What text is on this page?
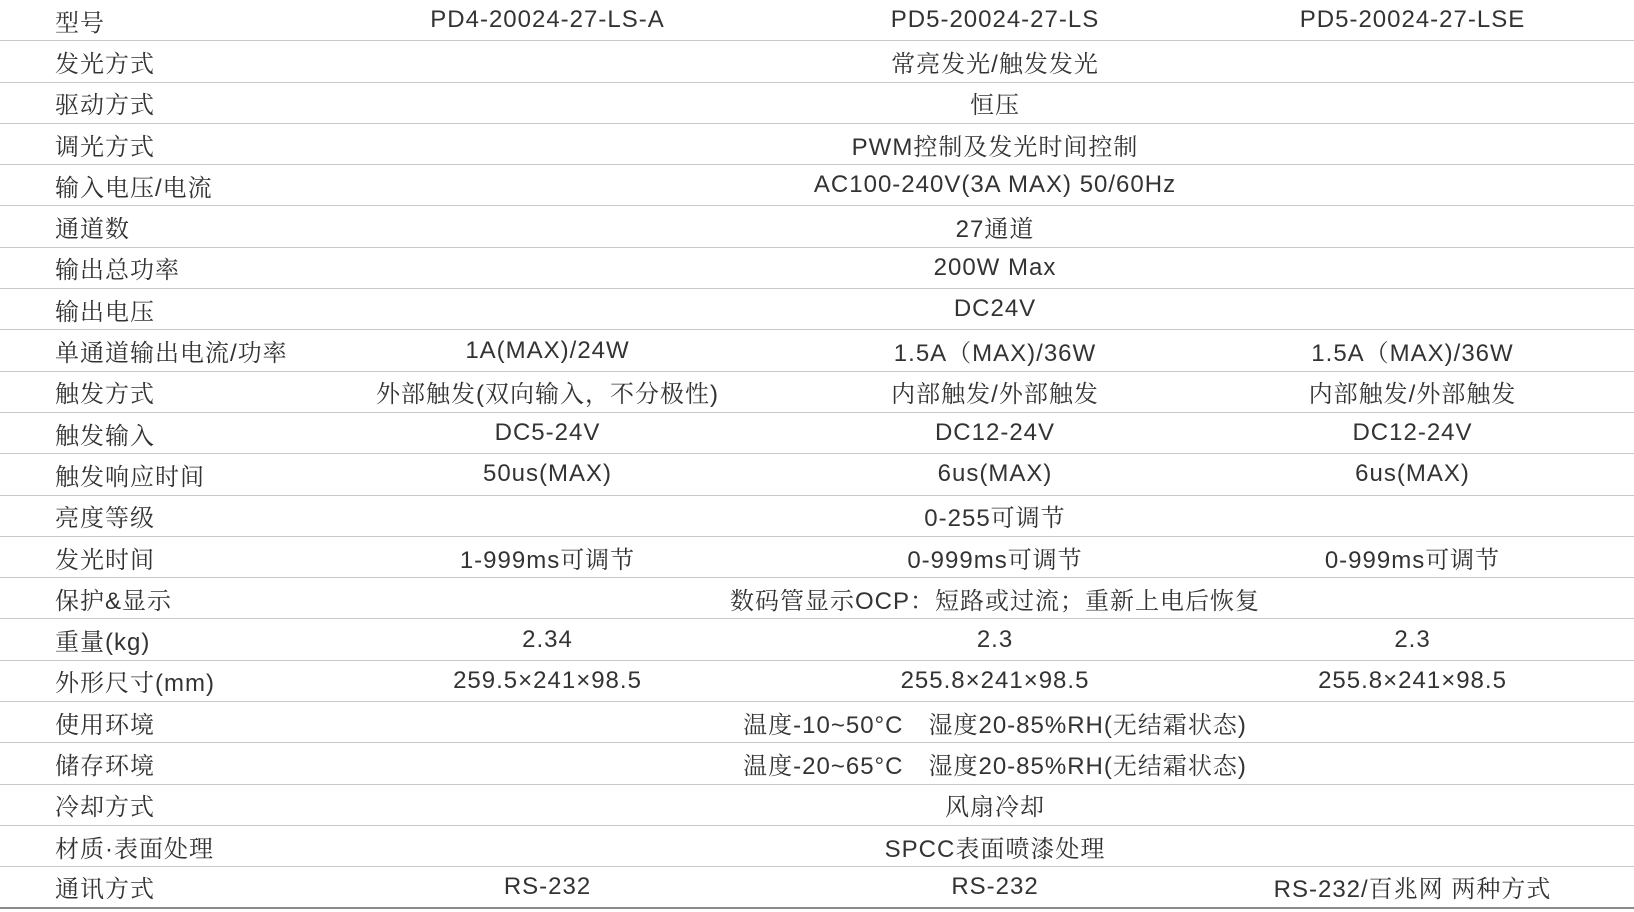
型号	PD4-20024-27-LS-A	PD5-20024-27-LS	PD5-20024-27-LSE
发光方式	常亮发光/触发发光
驱动方式	恒压
调光方式	PWM控制及发光时间控制
输入电压/电流	AC100-240V(3A MAX) 50/60Hz
通道数	27通道
输出总功率	200W Max
输出电压	DC24V
单通道输出电流/功率	1A(MAX)/24W	1.5A（MAX)/36W	1.5A（MAX)/36W
触发方式	外部触发(双向输入，不分极性)	内部触发/外部触发	内部触发/外部触发
触发输入	DC5-24V	DC12-24V	DC12-24V
触发响应时间	50us(MAX)	6us(MAX)	6us(MAX)
亮度等级	0-255可调节
发光时间	1-999ms可调节	0-999ms可调节	0-999ms可调节
保护&显示	数码管显示OCP：短路或过流；重新上电后恢复
重量(kg)	2.34	2.3	2.3
外形尺寸(mm)	259.5×241×98.5	255.8×241×98.5	255.8×241×98.5
使用环境	温度-10~50°C　湿度20-85%RH(无结霜状态)
储存环境	温度-20~65°C　湿度20-85%RH(无结霜状态)
冷却方式	风扇冷却
材质·表面处理	SPCC表面喷漆处理
通讯方式	RS-232	RS-232	RS-232/百兆网 两种方式
